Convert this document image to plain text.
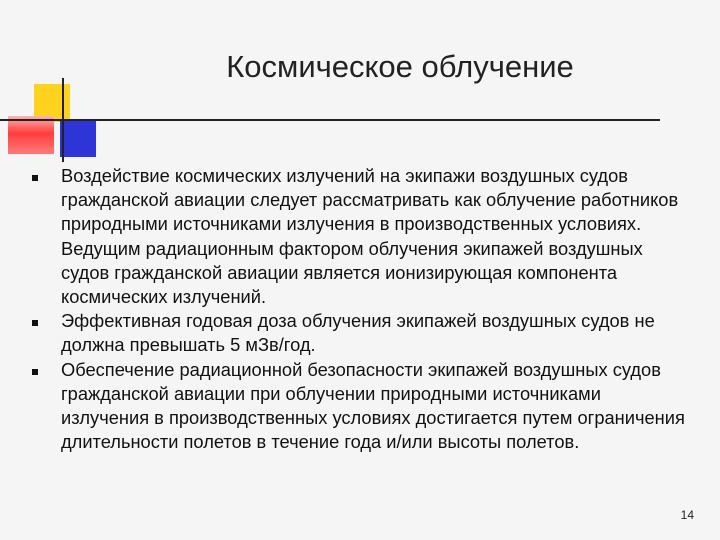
Космическое облучение
Воздействие космических излучений на экипажи воздушных судов гражданской авиации следует рассматривать как облучение работников природными источниками излучения в производственных условиях. Ведущим радиационным фактором облучения экипажей воздушных судов гражданской авиации является ионизирующая компонента космических излучений.
Эффективная годовая доза облучения экипажей воздушных судов не должна превышать 5 мЗв/год.
Обеспечение радиационной безопасности экипажей воздушных судов гражданской авиации при облучении природными источниками излучения в производственных условиях достигается путем ограничения длительности полетов в течение года и/или высоты полетов.
14
